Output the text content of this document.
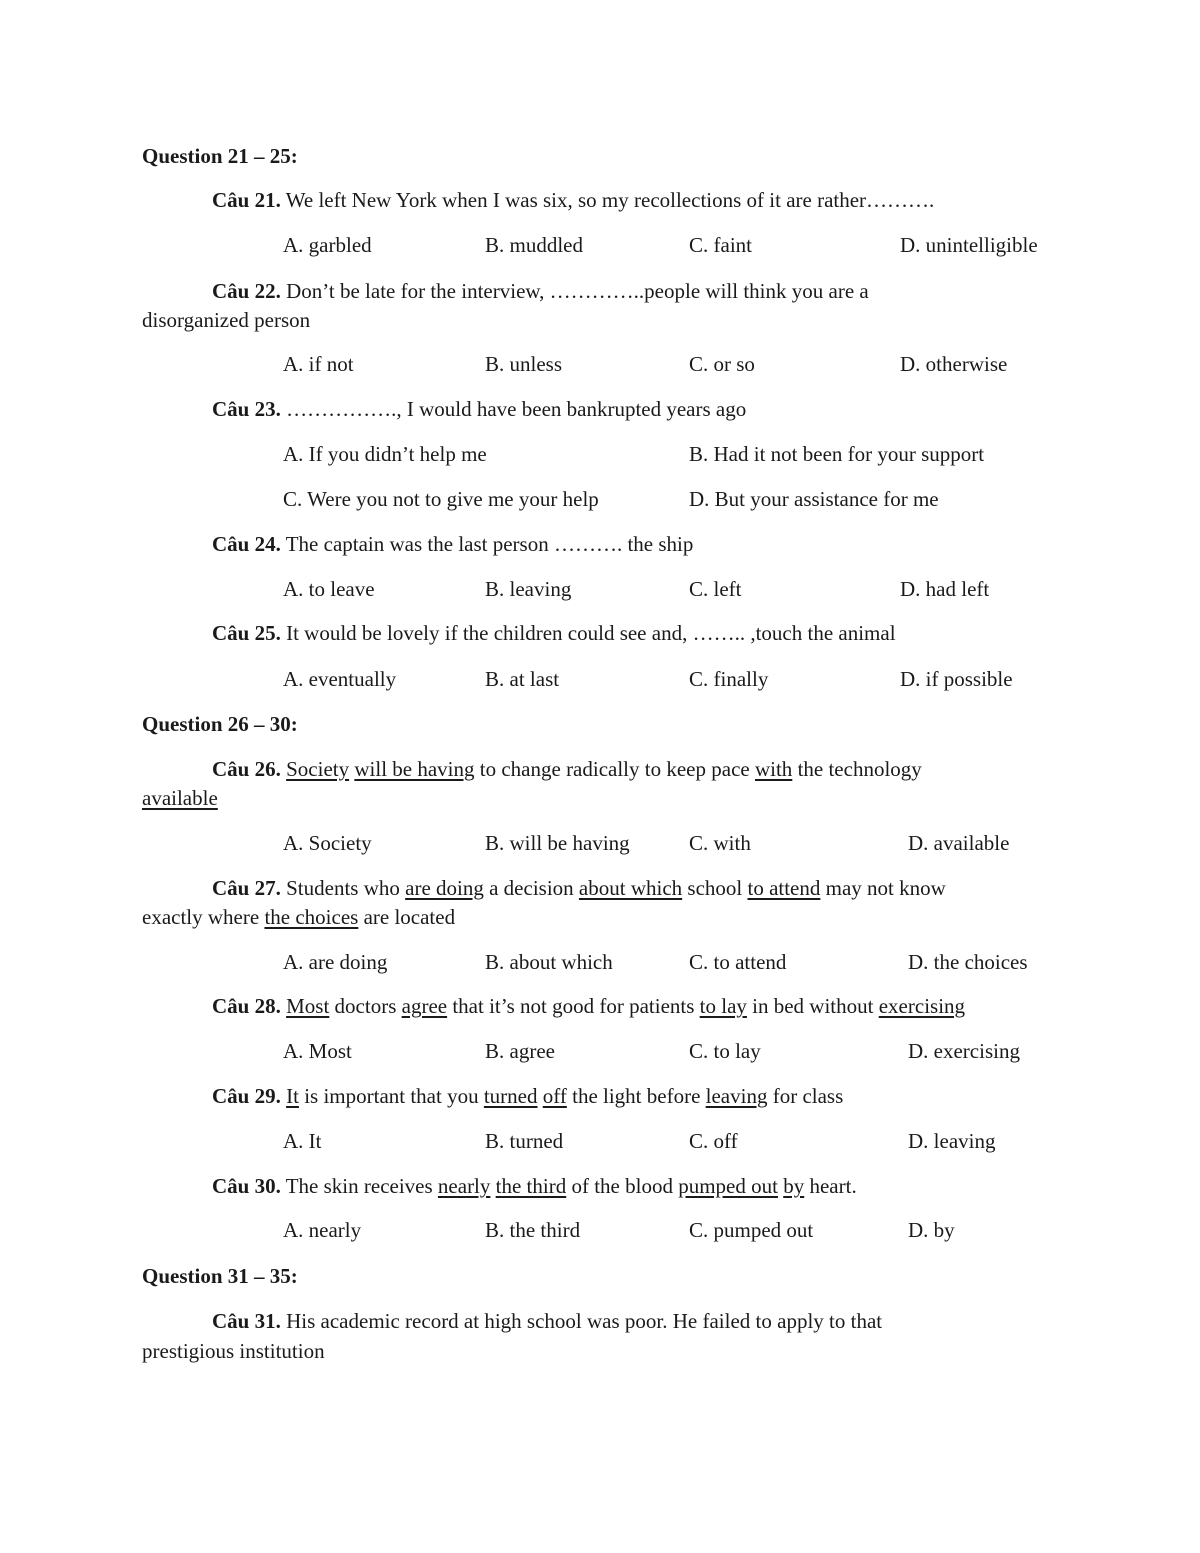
Question 21 – 25:
Câu 21. We left New York when I was six, so my recollections of it are rather……….
A. garbled	B. muddled	C. faint	D. unintelligible
Câu 22. Don’t be late for the interview, …………..people will think you are a
disorganized person
A. if not	B. unless	C. or so	D. otherwise
Câu 23. ……………., I would have been bankrupted years ago
A. If you didn’t help me	B. Had it not been for your support
C. Were you not to give me your help	D. But your assistance for me
Câu 24. The captain was the last person ………. the ship
A. to leave	B. leaving	C. left	D. had left
Câu 25. It would be lovely if the children could see and, …….. ,touch the animal
A. eventually	B. at last	C. finally	D. if possible
Question 26 – 30:
Câu 26. Society will be having to change radically to keep pace with the technology
available
A. Society	B. will be having	C. with	D. available
Câu 27. Students who are doing a decision about which school to attend may not know
exactly where the choices are located
A. are doing	B. about which	C. to attend	D. the choices
Câu 28. Most doctors agree that it’s not good for patients to lay in bed without exercising
A. Most	B. agree	C. to lay	D. exercising
Câu 29. It is important that you turned off the light before leaving for class
A. It	B. turned	C. off	D. leaving
Câu 30. The skin receives nearly the third of the blood pumped out by heart.
A. nearly	B. the third	C. pumped out	D. by
Question 31 – 35:
Câu 31. His academic record at high school was poor. He failed to apply to that
prestigious institution
